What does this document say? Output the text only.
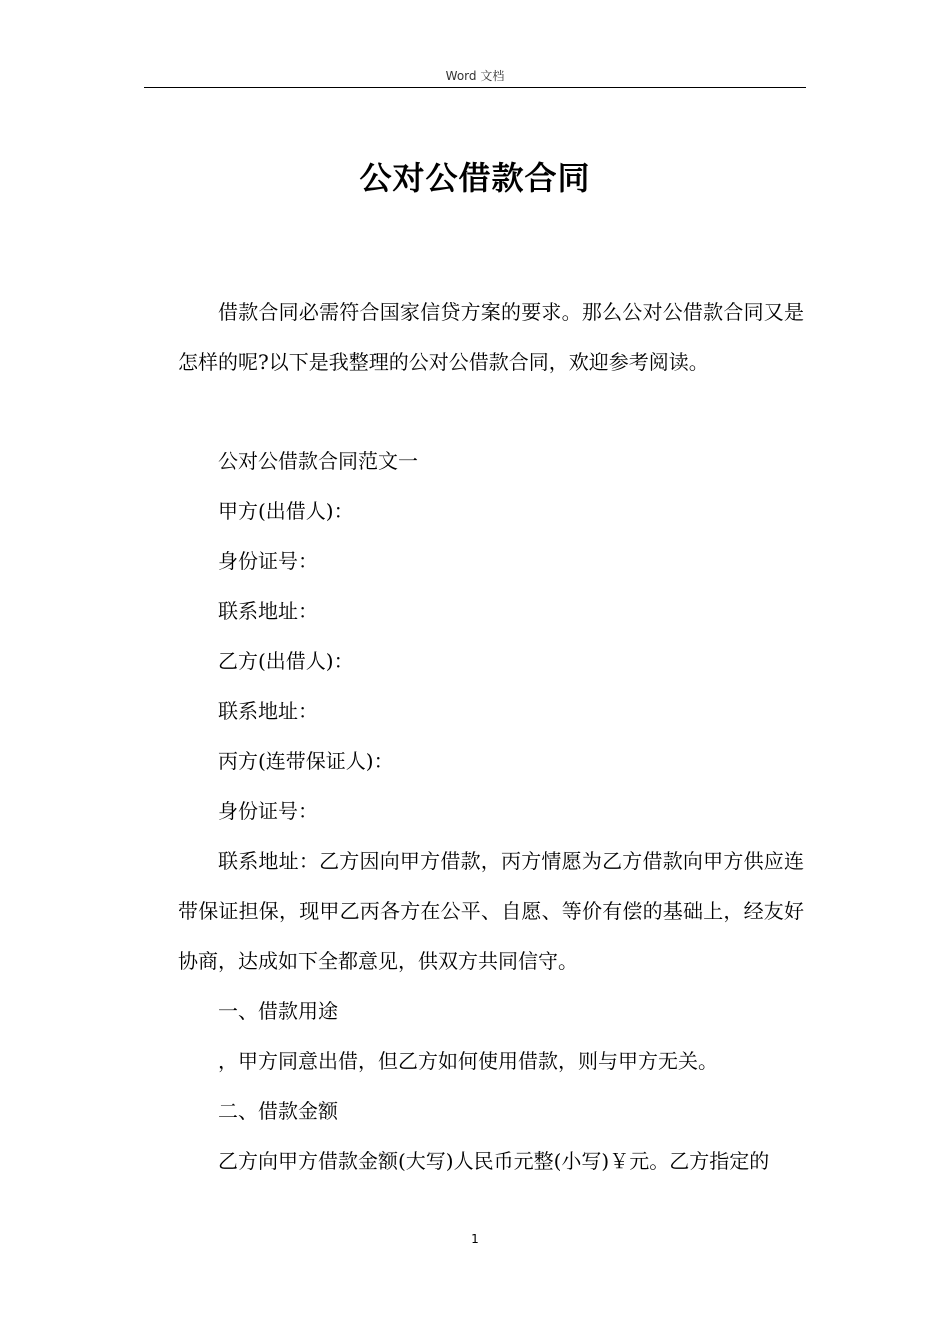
Word 文档
公对公借款合同

借款合同必需符合国家信贷方案的要求。那么公对公借款合同又是怎样的呢?以下是我整理的公对公借款合同，欢迎参考阅读。

公对公借款合同范文一

甲方(出借人)：

身份证号：

联系地址：

乙方(出借人)：

联系地址：

丙方(连带保证人)：

身份证号：

联系地址：乙方因向甲方借款，丙方情愿为乙方借款向甲方供应连带保证担保，现甲乙丙各方在公平、自愿、等价有偿的基础上，经友好协商，达成如下全都意见，供双方共同信守。

一、借款用途

，甲方同意出借，但乙方如何使用借款，则与甲方无关。

二、借款金额

乙方向甲方借款金额(大写)人民币元整(小写)￥元。乙方指定的

1
